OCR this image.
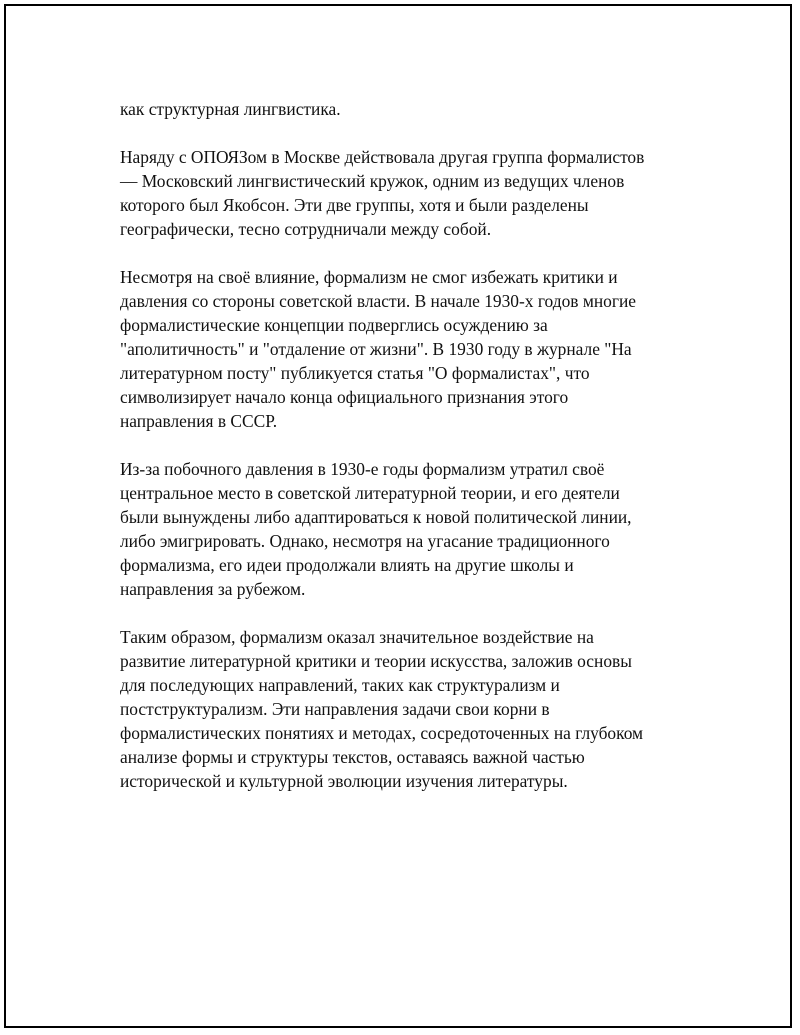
как структурная лингвистика.

Наряду с ОПОЯЗом в Москве действовала другая группа формалистов
— Московский лингвистический кружок, одним из ведущих членов
которого был Якобсон. Эти две группы, хотя и были разделены
географически, тесно сотрудничали между собой.

Несмотря на своё влияние, формализм не смог избежать критики и
давления со стороны советской власти. В начале 1930-х годов многие
формалистические концепции подверглись осуждению за
"аполитичность" и "отдаление от жизни". В 1930 году в журнале "На
литературном посту" публикуется статья "О формалистах", что
символизирует начало конца официального признания этого
направления в СССР.

Из-за побочного давления в 1930-е годы формализм утратил своё
центральное место в советской литературной теории, и его деятели
были вынуждены либо адаптироваться к новой политической линии,
либо эмигрировать. Однако, несмотря на угасание традиционного
формализма, его идеи продолжали влиять на другие школы и
направления за рубежом.

Таким образом, формализм оказал значительное воздействие на
развитие литературной критики и теории искусства, заложив основы
для последующих направлений, таких как структурализм и
постструктурализм. Эти направления задачи свои корни в
формалистических понятиях и методах, сосредоточенных на глубоком
анализе формы и структуры текстов, оставаясь важной частью
исторической и культурной эволюции изучения литературы.
